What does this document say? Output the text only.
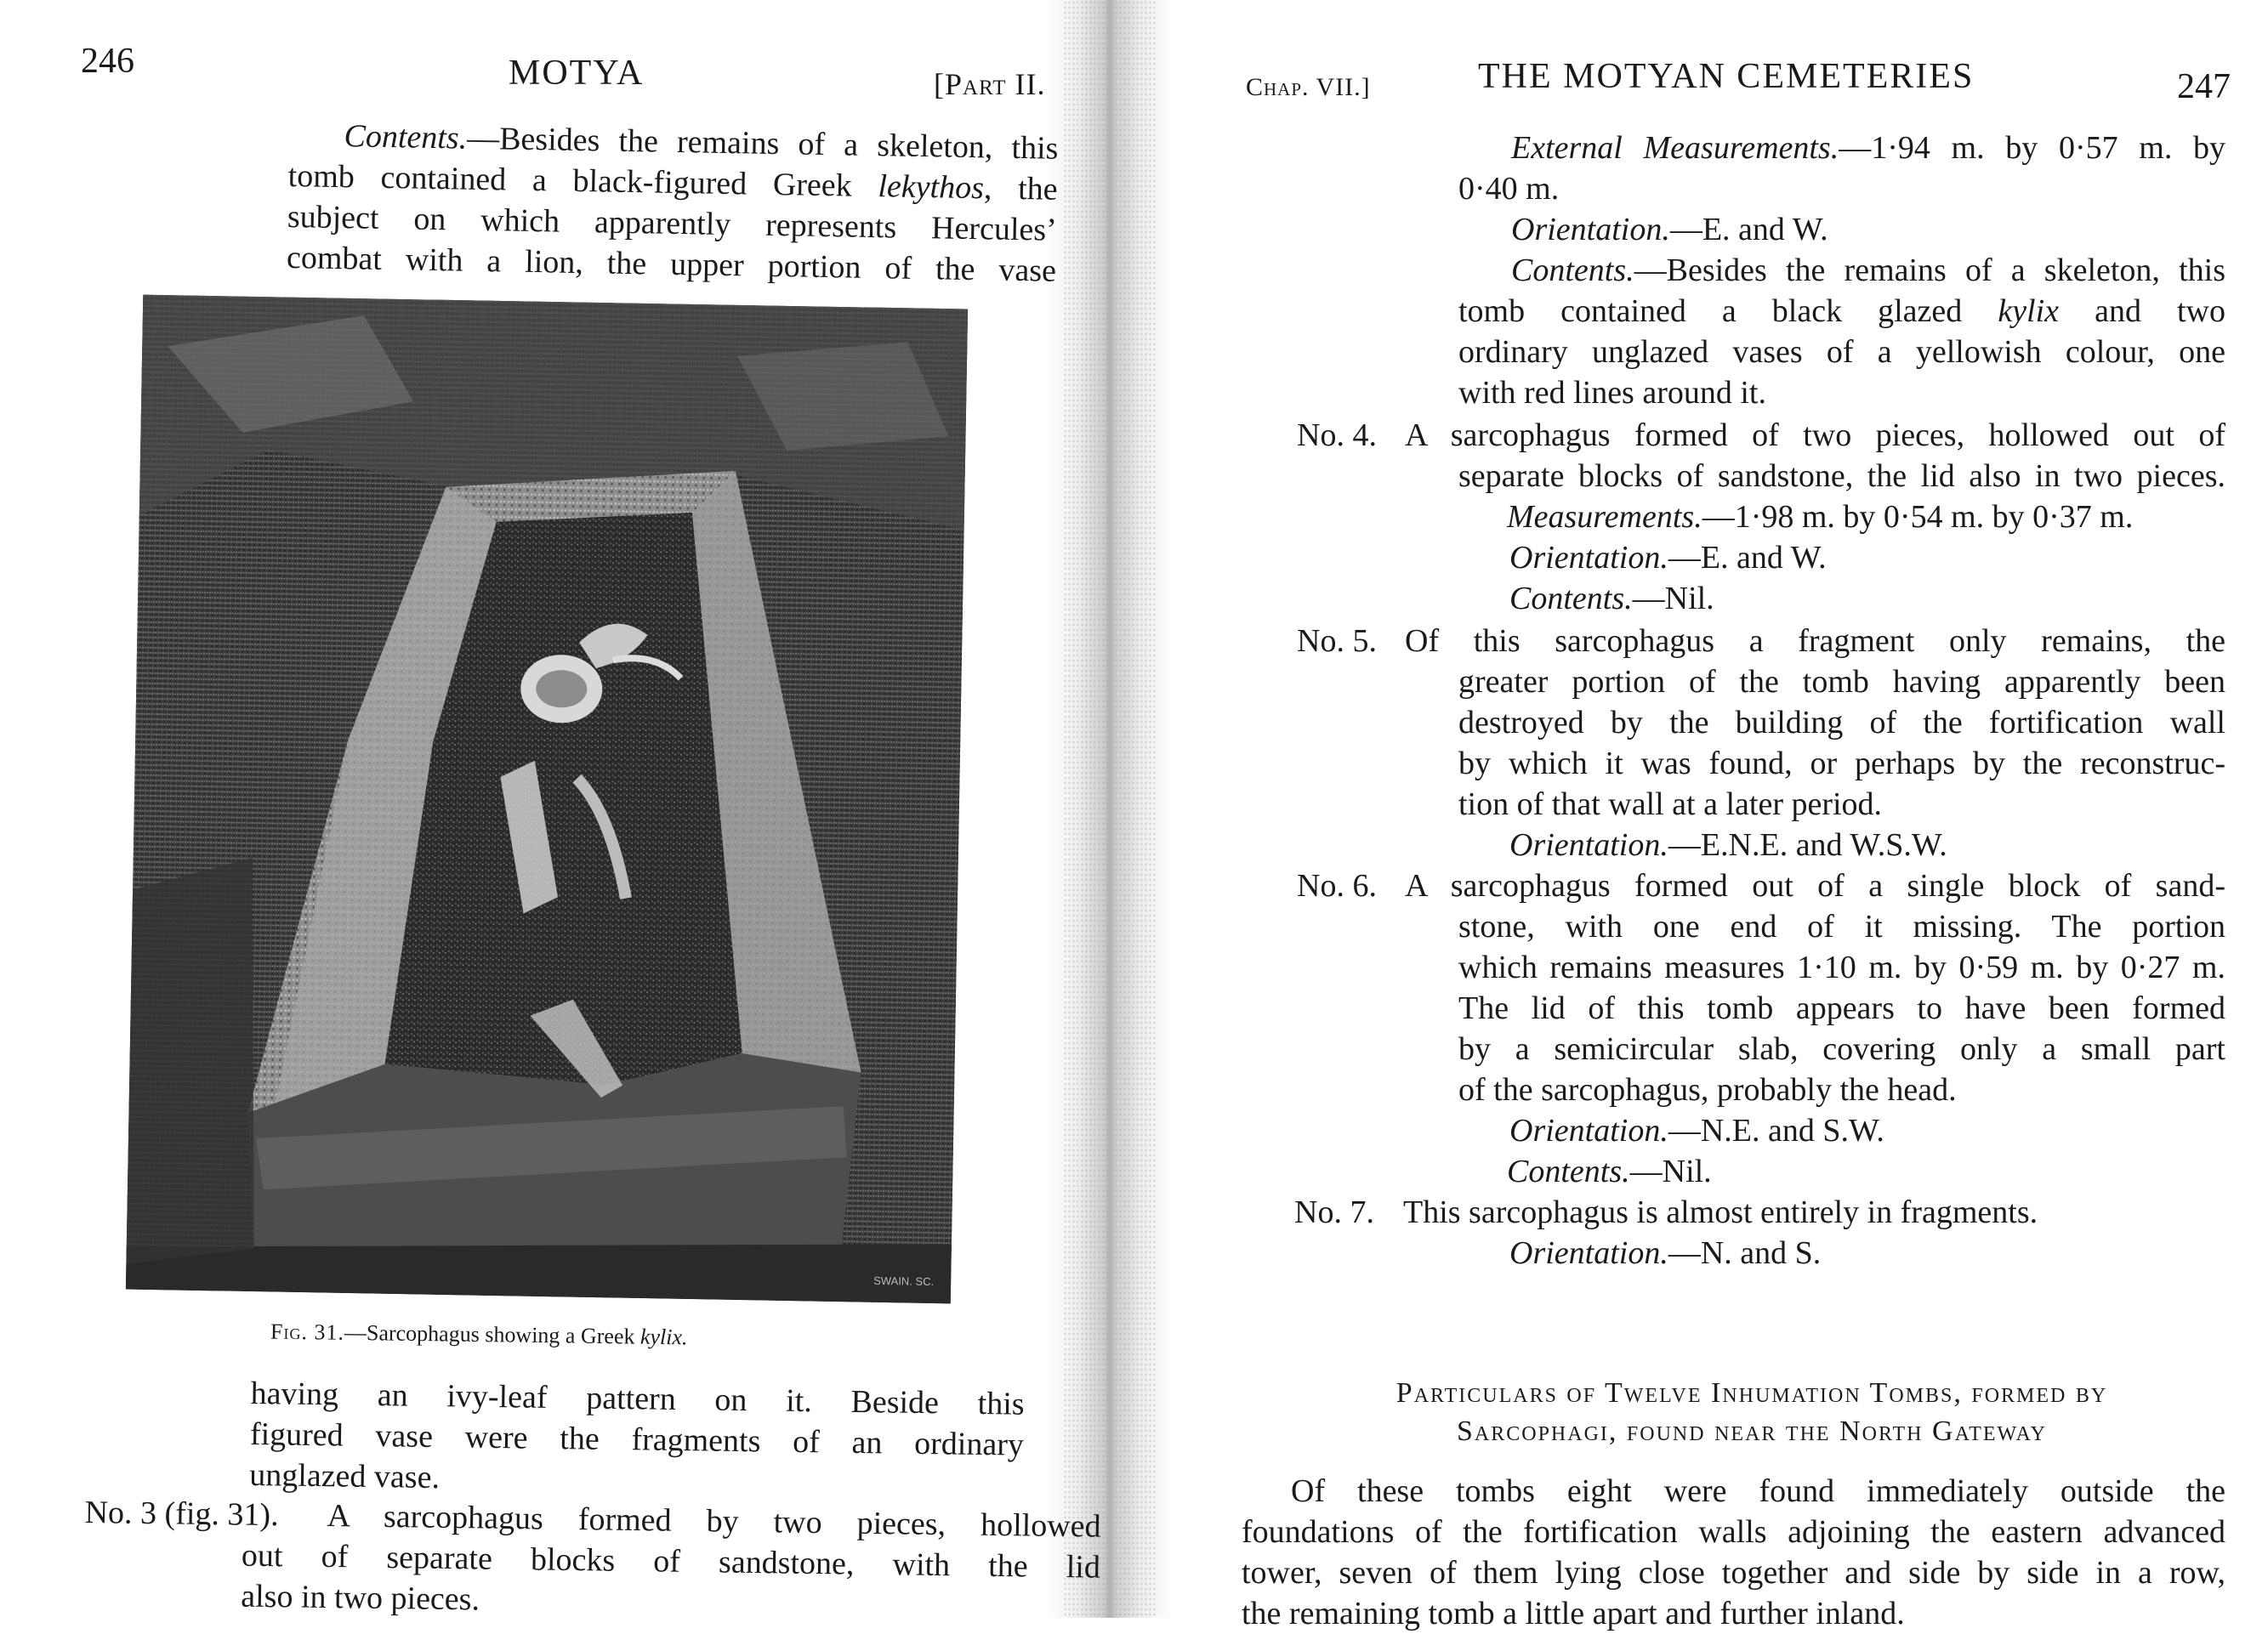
246	MOTYA	[Part II.
Contents.—Besides the remains of a skeleton, this
tomb contained a black-figured Greek lekythos, the
subject on which apparently represents Hercules’
combat with a lion, the upper portion of the vase
SWAIN. SC.
Fig. 31.—Sarcophagus showing a Greek kylix.
having an ivy-leaf pattern on it. Beside this
figured vase were the fragments of an ordinary
unglazed vase.
No. 3 (fig. 31). A sarcophagus formed by two pieces, hollowed
out of separate blocks of sandstone, with the lid
also in two pieces.
Chap. VII.]	THE MOTYAN CEMETERIES	247
External Measurements.—1·94 m. by 0·57 m. by
0·40 m.
Orientation.—E. and W.
Contents.—Besides the remains of a skeleton, this
tomb contained a black glazed kylix and two
ordinary unglazed vases of a yellowish colour, one
with red lines around it.
No. 4. A sarcophagus formed of two pieces, hollowed out of
separate blocks of sandstone, the lid also in two pieces.
Measurements.—1·98 m. by 0·54 m. by 0·37 m.
Orientation.—E. and W.
Contents.—Nil.
No. 5. Of this sarcophagus a fragment only remains, the
greater portion of the tomb having apparently been
destroyed by the building of the fortification wall
by which it was found, or perhaps by the reconstruc-
tion of that wall at a later period.
Orientation.—E.N.E. and W.S.W.
No. 6. A sarcophagus formed out of a single block of sand-
stone, with one end of it missing. The portion
which remains measures 1·10 m. by 0·59 m. by 0·27 m.
The lid of this tomb appears to have been formed
by a semicircular slab, covering only a small part
of the sarcophagus, probably the head.
Orientation.—N.E. and S.W.
Contents.—Nil.
No. 7. This sarcophagus is almost entirely in fragments.
Orientation.—N. and S.
Particulars of Twelve Inhumation Tombs, formed by
Sarcophagi, found near the North Gateway
Of these tombs eight were found immediately outside the
foundations of the fortification walls adjoining the eastern advanced
tower, seven of them lying close together and side by side in a row,
the remaining tomb a little apart and further inland.
